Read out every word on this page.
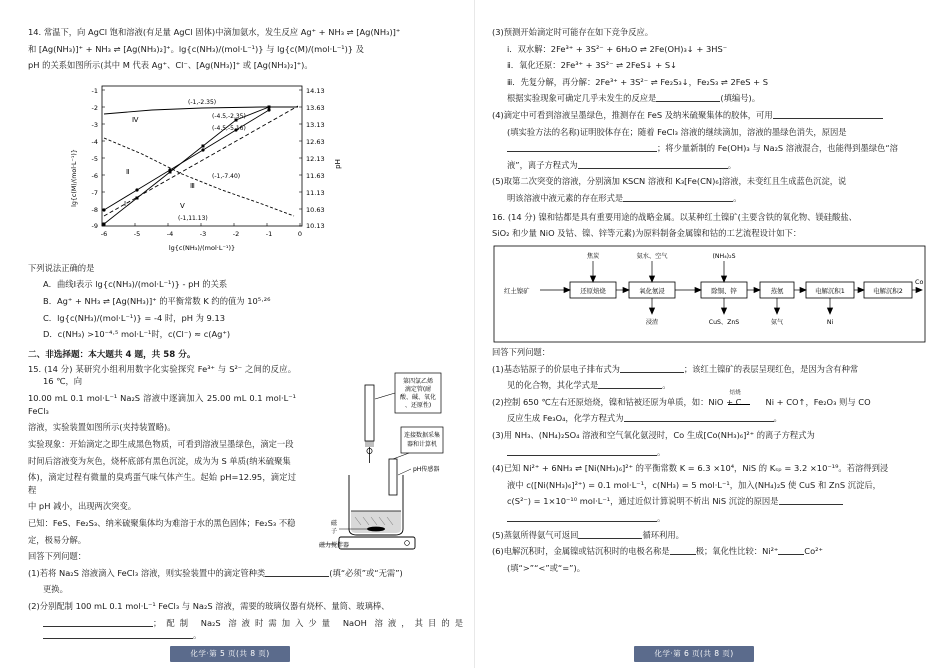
14. 常温下，向 AgCl 饱和溶液(有足量 AgCl 固体)中滴加氨水，发生反应 Ag⁺ + NH₃ ⇌ [Ag(NH₃)]⁺

和 [Ag(NH₃)]⁺ + NH₃ ⇌ [Ag(NH₃)₂]⁺。lg{c(NH₃)/(mol·L⁻¹)} 与 lg{c(M)/(mol·L⁻¹)} 及

pH 的关系如图所示(其中 M 代表 Ag⁺、Cl⁻、[Ag(NH₃)]⁺ 或 [Ag(NH₃)₂]⁺)。

-1
-2
-3
-4
-5
-6
-7
-8
-9
14.13
13.63
13.13
12.63
12.13
11.63
11.13
10.63
10.13
-6	-5	-4	-3	-2	-1	0
Ⅰ
Ⅱ
Ⅲ
Ⅳ
Ⅴ
(-1,-2.35)
(-4.5,-2.35)
(-4.5,-5.16)
(-1,-7.40)
(-1,11.13)
lg{c(M)/(mol·L⁻¹)}	pH
lg{c(NH₃)/(mol·L⁻¹)}

下列说法正确的是

A．曲线Ⅰ表示 lg{c(NH₃)/(mol·L⁻¹)} - pH 的关系

B．Ag⁺ + NH₃ ⇌ [Ag(NH₃)]⁺ 的平衡常数 K 约的值为 10⁵·²⁶

C．lg{c(NH₃)/(mol·L⁻¹)} = -4 时，pH 为 9.13

D．c(NH₃) >10⁻⁴·⁵ mol·L⁻¹时，c(Cl⁻) ≈ c(Ag⁺)

二、非选择题：本大题共 4 题，共 58 分。

15. (14 分) 某研究小组利用数字化实验探究 Fe³⁺ 与 S²⁻ 之间的反应。16 ℃，向

10.00 mL 0.1 mol·L⁻¹ Na₂S 溶液中逐滴加入 25.00 mL 0.1 mol·L⁻¹ FeCl₃

溶液，实验装置如图所示(夹持装置略)。

实验现象：开始滴定之即生成黑色物质，可看到溶液呈墨绿色，滴定一段

时间后溶液变为灰色，烧杯底部有黑色沉淀，成为为 S 单质(纳米硫聚集

体)，滴定过程有微量的臭鸡蛋气味气体产生。起始 pH=12.95，滴定过程

中 pH 减小，出现两次突变。

已知：FeS、Fe₂S₃、纳米硫聚集体均为难溶于水的黑色固体；Fe₂S₃ 不稳

定，极易分解。

第四氯乙烯
滴定管(耐
酸、碱、氧化
、还原性)
连接数据采集
器和计算机
pH传感器
磁
子
磁力搅拌器

回答下列问题：

(1)若将 Na₂S 溶液滴入 FeCl₃ 溶液，则实验装置中的滴定管种类	(填“必须”或“无需”)

更换。

(2)分别配制 100 mL 0.1 mol·L⁻¹ FeCl₃ 与 Na₂S 溶液，需要的玻璃仪器有烧杯、量筒、玻璃棒、

；配制 Na₂S 溶液时需加入少量 NaOH 溶液，其目的是。

(3)预测开始滴定时可能存在如下竞争反应。

ⅰ．双水解：2Fe³⁺ + 3S²⁻ + 6H₂O ⇌ 2Fe(OH)₃↓ + 3HS⁻

ⅱ．氧化还原：2Fe³⁺ + 3S²⁻ ⇌ 2FeS↓ + S↓

ⅲ．先复分解，再分解：2Fe³⁺ + 3S²⁻ ⇌ Fe₂S₃↓，Fe₂S₃ ⇌ 2FeS + S

根据实验现象可确定几乎未发生的反应是	(填编号)。

(4)滴定中可看到溶液呈墨绿色，推测存在 FeS 及纳米硫聚集体的胶体，可用

(填实验方法的名称)证明胶体存在；随着 FeCl₃ 溶液的继续滴加，溶液的墨绿色消失，原因是

；将少量新制的 Fe(OH)₃ 与 Na₂S 溶液混合，也能得到墨绿色“溶

液”，离子方程式为	。

(5)取第二次突变的溶液，分别滴加 KSCN 溶液和 K₃[Fe(CN)₆]溶液，未变红且生成蓝色沉淀，说

明该溶液中液元素的存在形式是	。

16. (14 分) 镍和钴都是具有重要用途的战略金属。以某种红土镍矿(主要含铁的氧化物、镁硅酸盐、

SiO₂ 和少量 NiO 及钴、镍、锌等元素)为原料制备金属镍和钴的工艺流程设计如下：

焦炭	氨水、空气	(NH₄)₂S
还原焙烧	氧化氨浸	除铜、锌	蒸氨	电解沉积1	电解沉积2
红土镍矿
Co
浸渣	CuS、ZnS	氨气	Ni

回答下列问题：

(1)基态钴原子的价层电子排布式为	；该红土镍矿的表层呈现红色，是因为含有种常

见的化合物，其化学式是	。

(2)控制 650 ℃左右还原焙烧，镍和钴被还原为单质，如：NiO + C
焙烧
Ni + CO↑，Fe₂O₃ 则与 CO

反应生成 Fe₃O₄，化学方程式为	。

(3)用 NH₃、(NH₄)₂SO₄ 溶液和空气氧化氨浸时，Co 生成[Co(NH₃)₆]²⁺ 的离子方程式为

。

(4)已知 Ni²⁺ + 6NH₃ ⇌ [Ni(NH₃)₆]²⁺ 的平衡常数 K = 6.3 ×10⁴，NiS 的 Kₛₚ = 3.2 ×10⁻¹⁹。若溶得到浸

液中 c([Ni(NH₃)₆]²⁺) = 0.1 mol·L⁻¹，c(NH₃) = 5 mol·L⁻¹，加入(NH₄)₂S 使 CuS 和 ZnS 沉淀后，

c(S²⁻) = 1×10⁻¹⁰ mol·L⁻¹，通过近似计算说明不析出 NiS 沉淀的原因是

。

(5)蒸氨所得氨气可返回	循环利用。

(6)电解沉积时，金属镍或钴沉积时的电极名称是	极；氧化性比较：Ni²⁺	Co²⁺

(填“>”“<”或“=”)。

化学·第 5 页(共 8 页)	化学·第 6 页(共 8 页)
